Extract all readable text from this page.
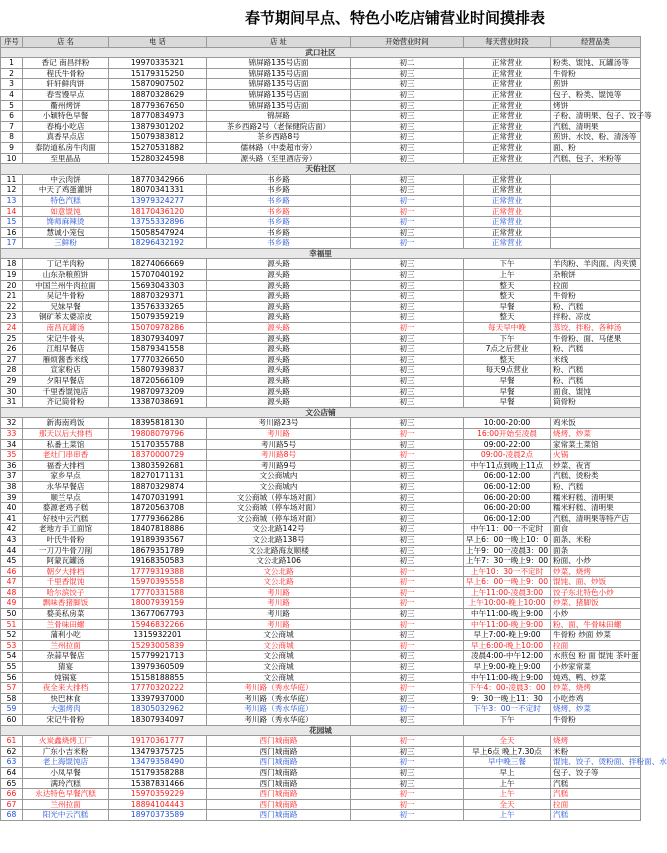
春节期间早点、特色小吃店铺营业时间摸排表
序号	店 名	电 话	店 址	开始营业时间	每天营业时段	经营品类
武口社区						
1	香记 南昌拌粉	19970335321	锦屏路135号店面	初二	正常营业	粉类、馄饨、瓦罐汤等
2	程氏牛骨粉	15179315250	锦屏路135号店面	初三	正常营业	牛骨粉
3	轩轩鲜肉饼	15870907502	锦屏路135号店面	初三	正常营业	煎饼
4	春雪馒早点	18870328629	锦屏路135号店面	初三	正常营业	包子、粉类、馄饨等
5	衢州烤饼	18779367650	锦屏路135号店面	初三	正常营业	烤饼
6	小颖特色早餐	18770834973	锦屏路	初三	正常营业	子粉、清明果、包子、饺子等
7	春梅小吃店	13879301202	茶乡西路2号（老保健院店面）	初三	正常营业	汽糕、清明果
8	真香早点店	15079383812	茶乡西路8号	初三	正常营业	煎饼、水饺、粉、清汤等
9	泰防道私房牛肉面	15270531882	儒林路（中娄超市旁）	初三	正常营业	面、粉
10	至里晶品	15280324598	源头路（至里酒店旁）	初三	正常营业	汽糕、包子、米粉等
天佑社区						
11	中云肉饼	18770342966	书乡路	初三	正常营业	
12	中天了鸡蛋灌饼	18070341331	书乡路	初三	正常营业	
13	特色汽糕	13979324277	书乡路	初一	正常营业	
14	如意馄饨	18170436120	书乡路	初一	正常营业	
15	馋师麻辣烫	13755332896	书乡路	初一	正常营业	
16	慧诚小笼包	15058547924	书乡路	初三	正常营业	
17	三鲜粉	18296432192	书乡路	初一	正常营业	
幸福里						
18	丁记羊肉粉	18274066669	源头路	初三	下午	羊肉粉、羊肉面、肉夹馍
19	山东杂粮煎饼	15707040192	源头路	初三	上午	杂粮饼
20	中国兰州牛肉拉面	15693043303	源头路	初三	整天	拉面
21	吴记牛骨粉	18870329371	源头路	初三	整天	牛骨粉
22	兄妹早餐	13576333265	源头路	初三	早餐	粉、汽糕
23	铜矿苯太婆凉皮	15079359219	源头路	初三	整天	拌粉、凉皮
24	南昌瓦罐汤	15070978286	源头路	初一	每天早中晚	蒸饺、拌粉、各种汤
25	宋记牛骨头	18307934097	源头路	初三	下午	牛骨粉、面、马佬果
26	江组早餐店	15879341558	源头路	初三	7点之后营业	粉、汽糕
27	雁烦酱香米线	17770326650	源头路	初三	整天	米线
28	宣家粉店	15807939837	源头路	初三	每天9点营业	粉、汽糕
29	夕阳早餐店	18720566109	源头路	初三	早餐	粉、汽糕
30	千里香馄饨店	19870973209	源头路	初三	早餐	面食、馄饨
31	齐记筒骨粉	13387038691	源头路	初三	早餐	筒骨粉
文公店铺						
32	新海南鸡饭	18395818130	考川路23号	初三	10:00-20:00	鸡米饭
33	那天以后大排档	19808079796	考川路	初一	16:00开始至凌晨	烧烤、炒菜
34	私番土菜馆	15170355788	考川路5号	初三	09:00-22:00	家常菜土菜馆
35	老灶门串串香	18370000729	考川路8号	初一	09:00-凌晨2点	火锅
36	福香大排档	13803592681	考川路9号	初三	中午11点到晚上11点	炒菜、夜宵
37	家乡早点	18270171131	文公商城内	初三	06:00-12:00	汽糕、烫粉类
38	永华早餐店	18870329874	文公商城内	初三	06:00-12:00	粉、汽糕
39	顺兰早点	14707031991	文公商城（停车场对面）	初三	06:00-20:00	糯米籽糕、清明果
40	婺源老鸡子糕	18720563708	文公商城（停车场对面）	初三	06:00-20:00	糯米籽糕、清明果
41	好枝中云汽糕	17779366286	文公商城（停车场对面）	初三	06:00-12:00	汽糕、清明果等特产店
42	老地方手工面馆	18407818886	文公北路142号	初三	中午11：00一不定时	面食
43	叶氏牛骨粉	19189393567	文公北路138号	初三	早上6：00一晚上10：0	面条、米粉
44	一刀刀牛骨刀削	18679351789	文公北路海友顺楼	初三	上午9：00一凌晨3：00	面条
45	阿蒙瓦罐汤	19168350583	文公北路106	初三	上午7：30一晚上9：00	粉面、小炒
46	朝夕大排档	17779319388	文公北路	初一	上午10：30一不定时	炒菜、烧烤
47	千里香馄饨	15970395558	文公北路	初一	早上6：00一晚上9：00	馄饨、面、炒饭
48	哈尔滨饺子	17770331588	考川路	初一	上午11:00-凌晨3:00	饺子东北特色小炒
49	飘味香猪脚饭	18007939159	考川路	初一	上午10:00-晚上10:00	炒菜、猪脚饭
50	婺美私房菜	13677067793	考川路	初三	中午11:00-晚上9:00	小炒
51	兰骨味田螺	15946832266	考川路	初一	中午11:00-晚上9:00	粉、面、牛骨味田螺
52	蒲利小吃	1315932201	文公商城	初三	早上7:00-晚上9:00	牛骨粉 炒面 炒菜
53	兰州拉面	15293005839	文公商城	初一	早上6:00-晚上10:00	拉面
54	杂蒜早餐店	15779921713	文公商城	初三	凌晨4:00-中午12:00	水煎包 粉 面 馄饨 茶叶蛋
55	猜宴	13979360509	文公商城	初三	早上9:00-晚上9:00	小炒家常菜
56	炖锅宴	15158188855	文公商城	初三	中午11:00-晚上9:00	炖鸡、鸭、炒菜
57	夜全来大排档	17770320222	考川路（秀水华庭）	初一	下午4：00-凌晨3：00	炒菜、烧烤
58	快巴林食	13397937000	考川路（秀水华庭）	初三	9：30一晚上11：30	小吃炸鸡
59	大强烤肉	18305032962	考川路（秀水华庭）	初一	下午3：00一不定时	烧烤、炒菜
60	宋记牛骨粉	18307934097	考川路（秀水华庭）	初三	下午	牛骨粉
花园城						
61	火炭鑫烧烤工厂	19170361777	西门城南路	初一	全天	烧烤
62	广东小吉米粉	13479375725	西门城南路	初三	早上6点 晚上7.30点	米粉
63	老上海馄饨店	13479358490	西门城南路	初一	早中晚三餐	馄饨、饺子、烫粉面、拌粉面、水
64	小凤早餐	15179358288	西门城南路	初三	早上	包子、饺子等
65	满玲汽糕	15387831466	西门城南路	初三	上午	汽糕
66	永达特色早餐汽糕	15970359229	西门城南路	初一	上午	汽糕
67	兰州拉面	18894104443	西门城南路	初一	全天	拉面
68	阳光中云汽糕	18970373589	西门城南路	初一	上午	汽糕
